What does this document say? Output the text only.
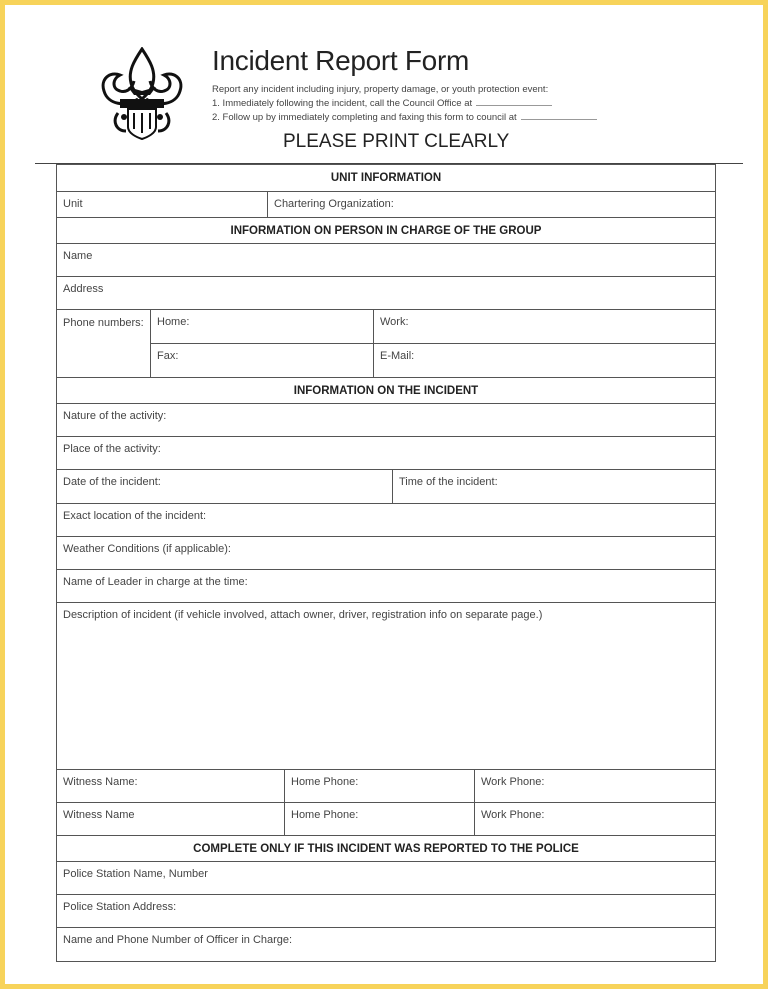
Incident Report Form
Report any incident including injury, property damage, or youth protection event:
1. Immediately following the incident, call the Council Office at
2. Follow up by immediately completing and faxing this form to council at
PLEASE PRINT CLEARLY
UNIT INFORMATION
Unit	Chartering Organization:
INFORMATION ON PERSON IN CHARGE OF THE GROUP
Name
Address
Phone numbers:	Home:	Work:
Fax:	E-Mail:
INFORMATION ON THE INCIDENT
Nature of the activity:
Place of the activity:
Date of the incident:	Time of the incident:
Exact location of the incident:
Weather Conditions (if applicable):
Name of Leader in charge at the time:
Description of incident (if vehicle involved, attach owner, driver, registration info on separate page.)
Witness Name:	Home Phone:	Work Phone:
Witness Name	Home Phone:	Work Phone:
COMPLETE ONLY IF THIS INCIDENT WAS REPORTED TO THE POLICE
Police Station Name, Number
Police Station Address:
Name and Phone Number of Officer in Charge:
